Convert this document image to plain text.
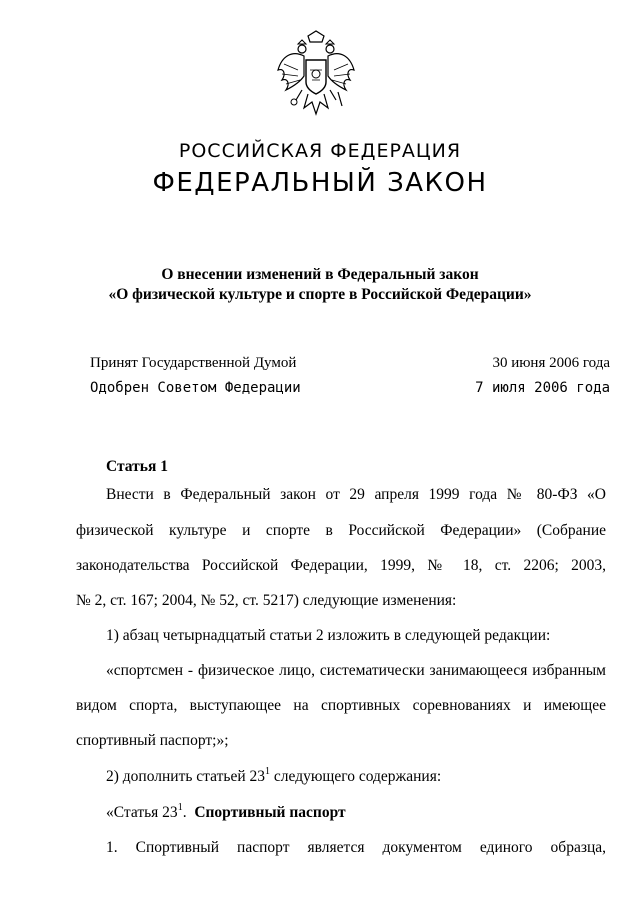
РОССИЙСКАЯ ФЕДЕРАЦИЯ
ФЕДЕРАЛЬНЫЙ ЗАКОН
О внесении изменений в Федеральный закон
«О физической культуре и спорте в Российской Федерации»
Принят Государственной Думой	30 июня 2006 года
Одобрен Советом Федерации	7 июля 2006 года
Статья 1
Внести в Федеральный закон от 29 апреля 1999 года № 80-ФЗ «О
физической культуре и спорте в Российской Федерации» (Собрание
законодательства Российской Федерации, 1999, № 18, ст. 2206; 2003,
№ 2, ст. 167; 2004, № 52, ст. 5217) следующие изменения:
1) абзац четырнадцатый статьи 2 изложить в следующей редакции:
«спортсмен - физическое лицо, систематически занимающееся избранным
видом спорта, выступающее на спортивных соревнованиях и имеющее
спортивный паспорт;»;
2) дополнить статьей $23^1$ следующего содержания:
«Статья $23^1$. Спортивный паспорт
1. Спортивный паспорт является документом единого образца,
